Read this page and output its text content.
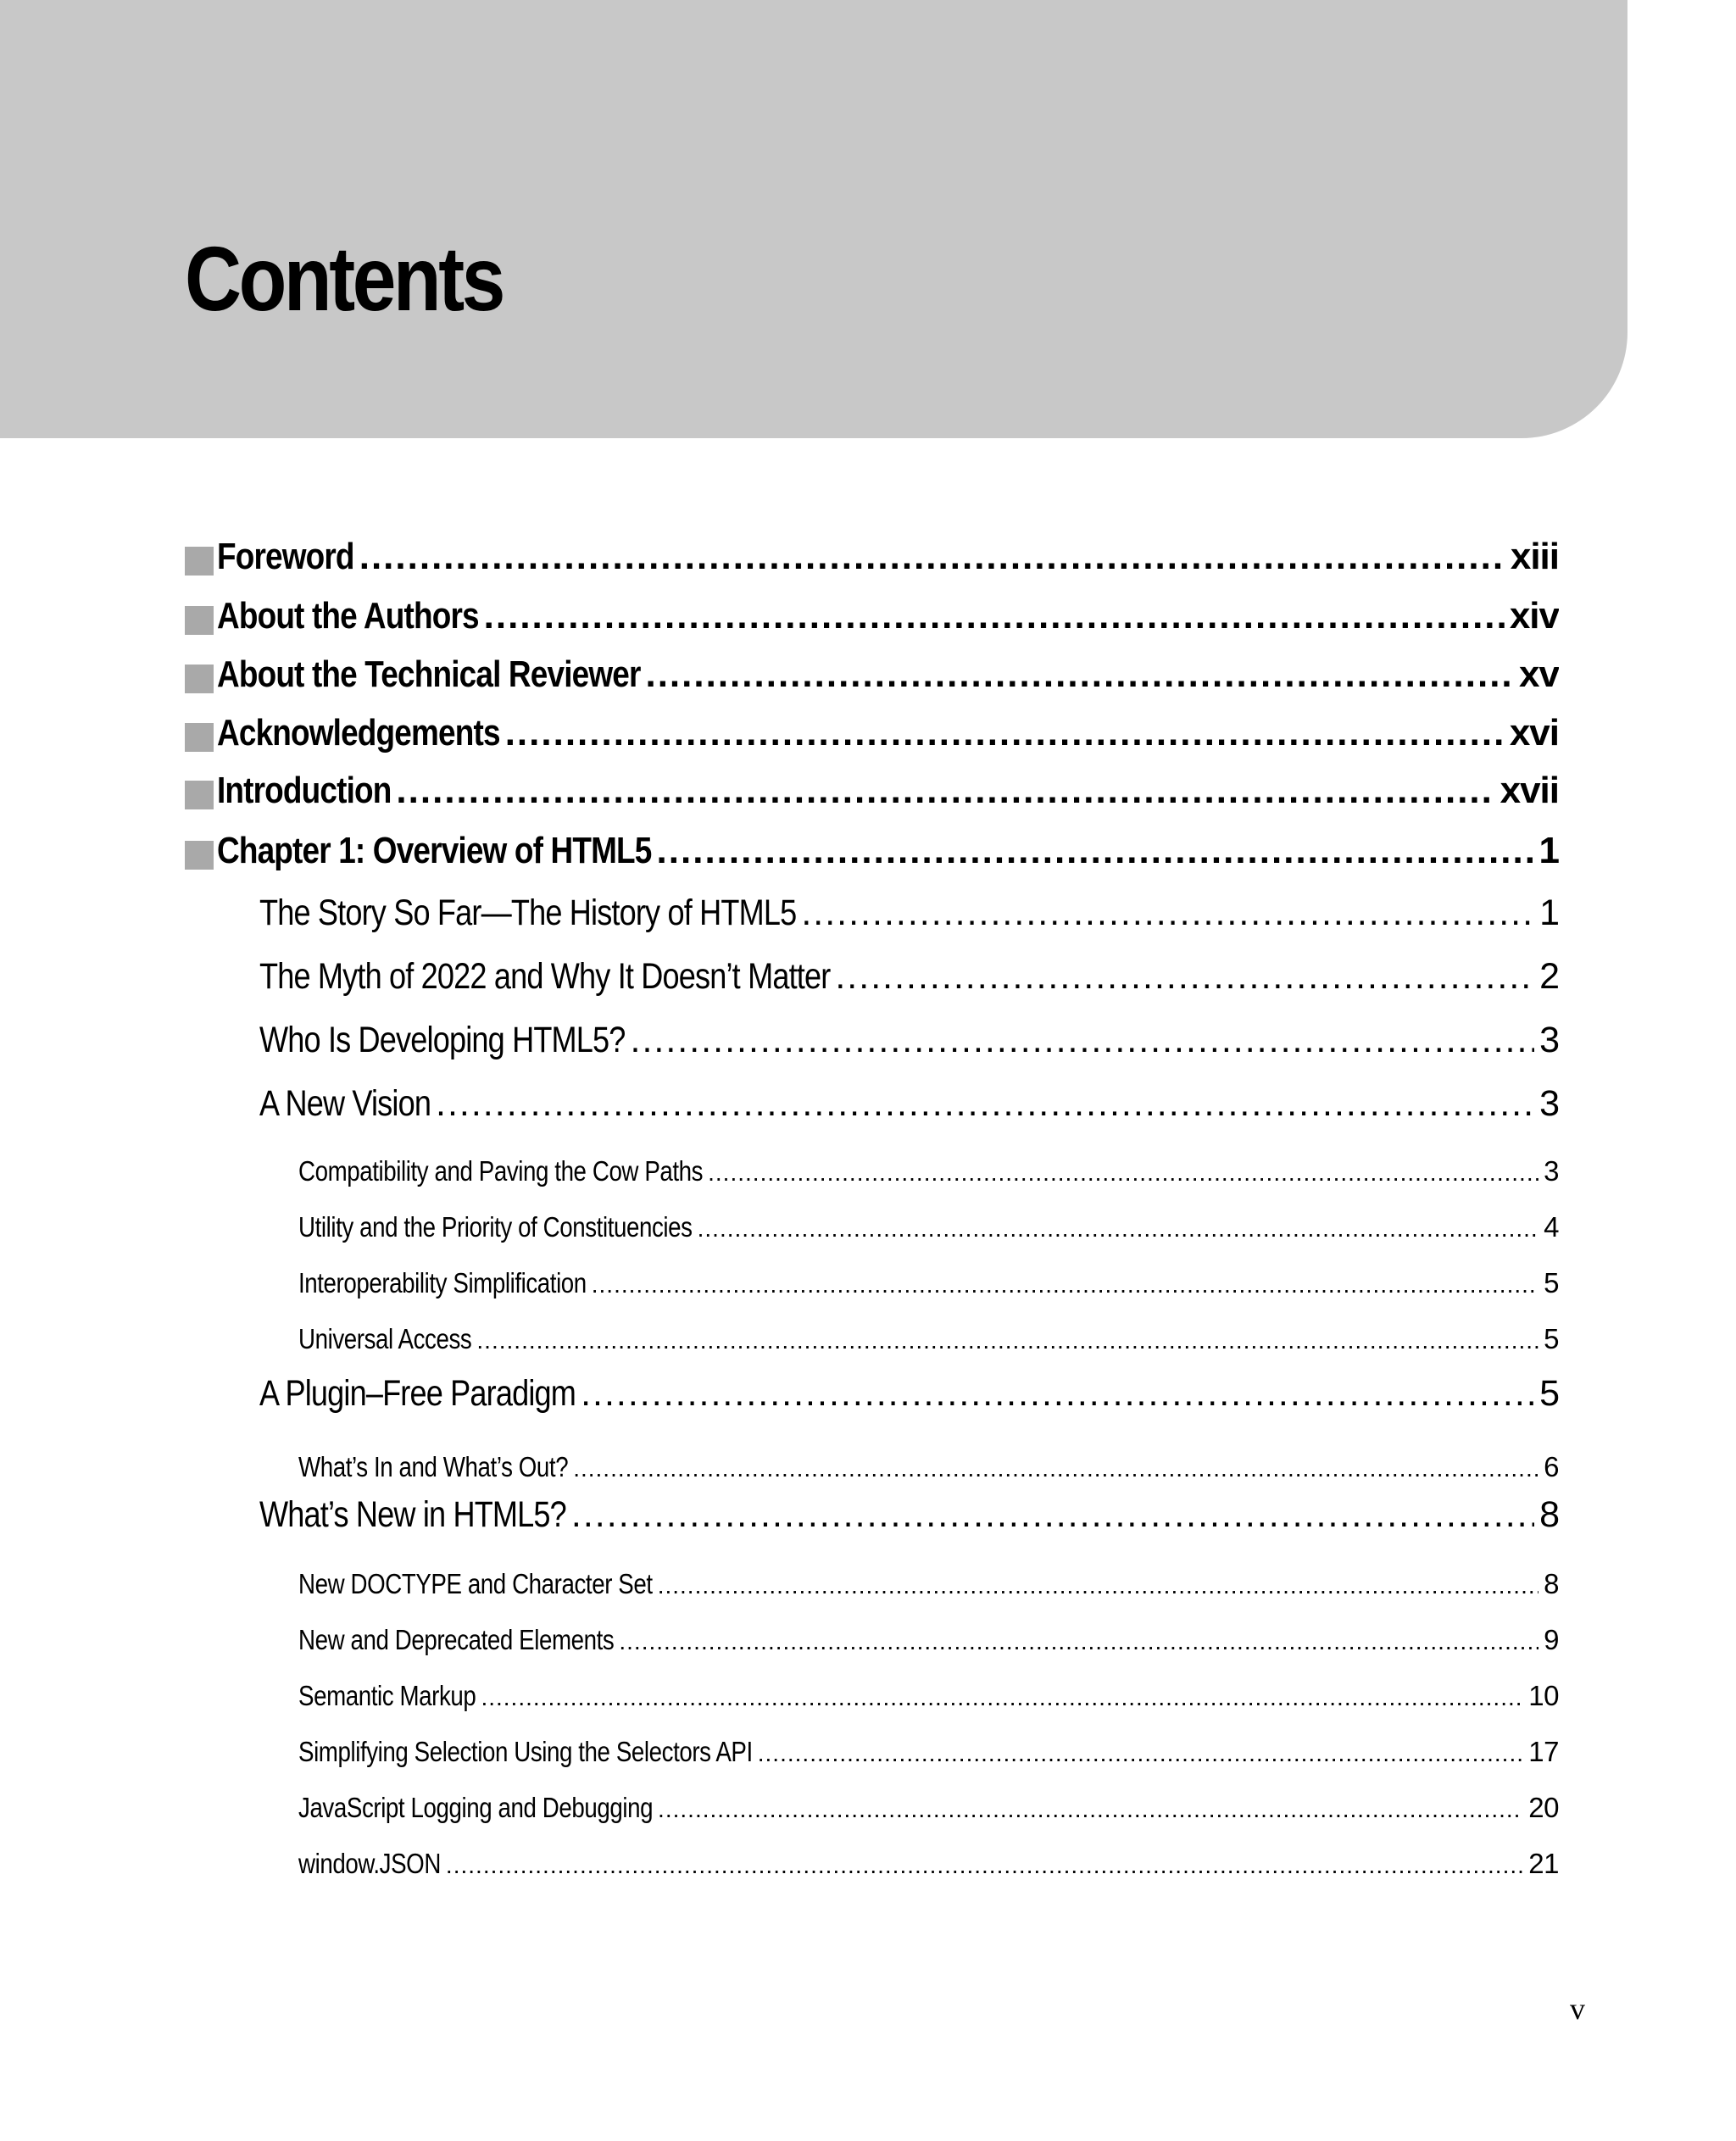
Contents
Foreword .....	xiii
About the Authors .....	xiv
About the Technical Reviewer .....	xv
Acknowledgements .....	xvi
Introduction .....	xvii
Chapter 1: Overview of HTML5 .....	1
The Story So Far—The History of HTML5 .....	1
The Myth of 2022 and Why It Doesn’t Matter .....	2
Who Is Developing HTML5? .....	3
A New Vision .....	3
Compatibility and Paving the Cow Paths .....	3
Utility and the Priority of Constituencies .....	4
Interoperability Simplification .....	5
Universal Access .....	5
A Plugin–Free Paradigm .....	5
What’s In and What’s Out? .....	6
What’s New in HTML5? .....	8
New DOCTYPE and Character Set .....	8
New and Deprecated Elements .....	9
Semantic Markup .....	10
Simplifying Selection Using the Selectors API .....	17
JavaScript Logging and Debugging .....	20
window.JSON .....	21
v
